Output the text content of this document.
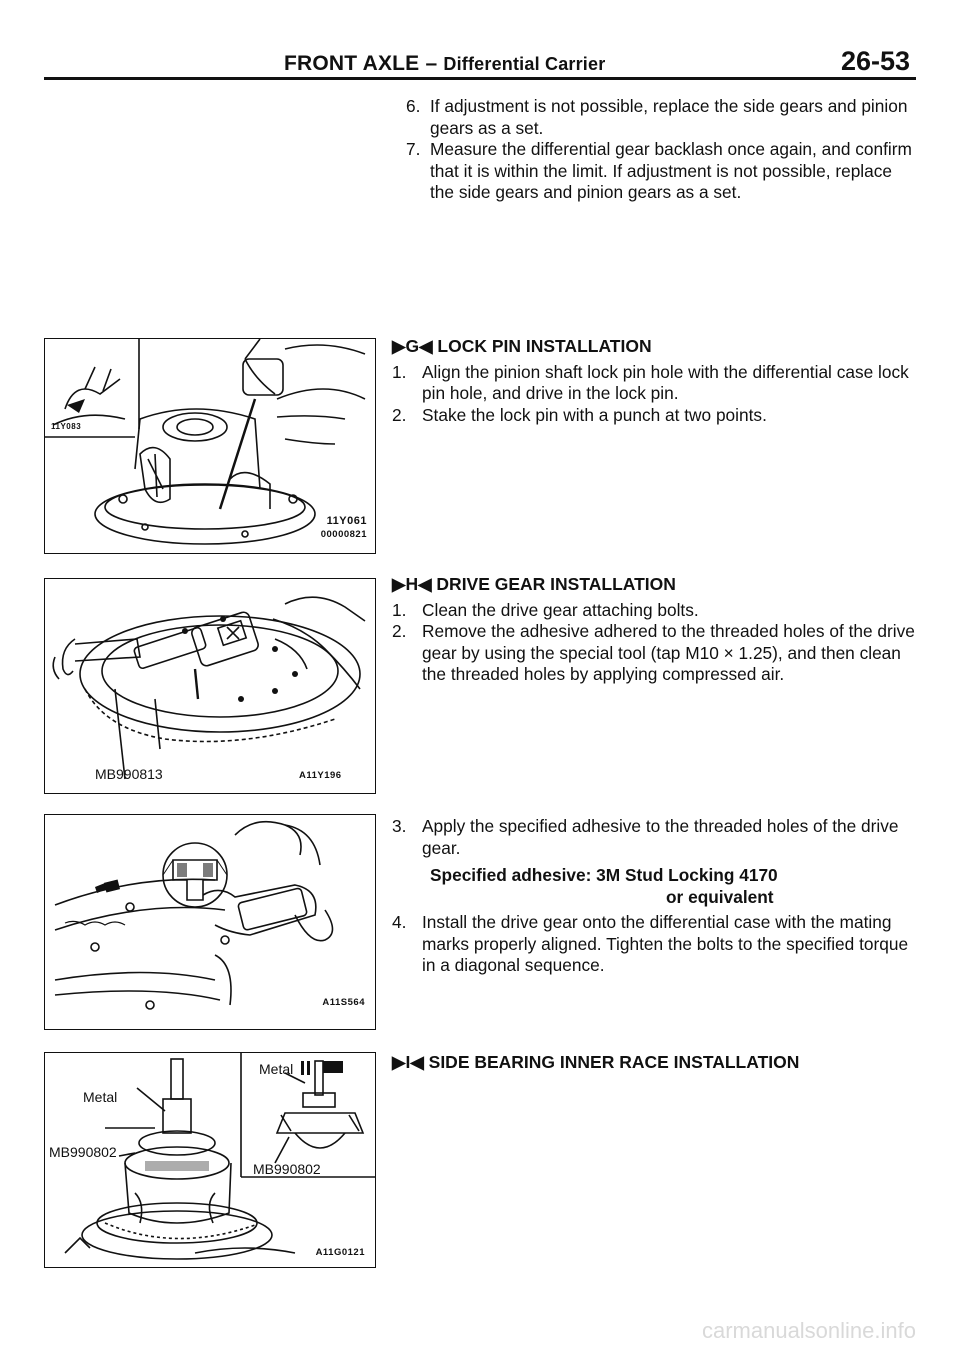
FRONT AXLE – Differential Carrier	26-53
6. If adjustment is not possible, replace the side gears and pinion gears as a set.
7. Measure the differential gear backlash once again, and confirm that it is within the limit. If adjustment is not possible, replace the side gears and pinion gears as a set.
▶G◀ LOCK PIN INSTALLATION
1. Align the pinion shaft lock pin hole with the differential case lock pin hole, and drive in the lock pin.
2. Stake the lock pin with a punch at two points.
▶H◀ DRIVE GEAR INSTALLATION
1. Clean the drive gear attaching bolts.
2. Remove the adhesive adhered to the threaded holes of the drive gear by using the special tool (tap M10 × 1.25), and then clean the threaded holes by applying compressed air.
3. Apply the specified adhesive to the threaded holes of the drive gear.
Specified adhesive: 3M Stud Locking 4170
or equivalent
4. Install the drive gear onto the differential case with the mating marks properly aligned. Tighten the bolts to the specified torque in a diagonal sequence.
▶I◀ SIDE BEARING INNER RACE INSTALLATION
11Y083
11Y061
00000821
MB990813	A11Y196
A11S564
Metal
Metal
MB990802
MB990802
A11G0121
carmanualsonline.info
